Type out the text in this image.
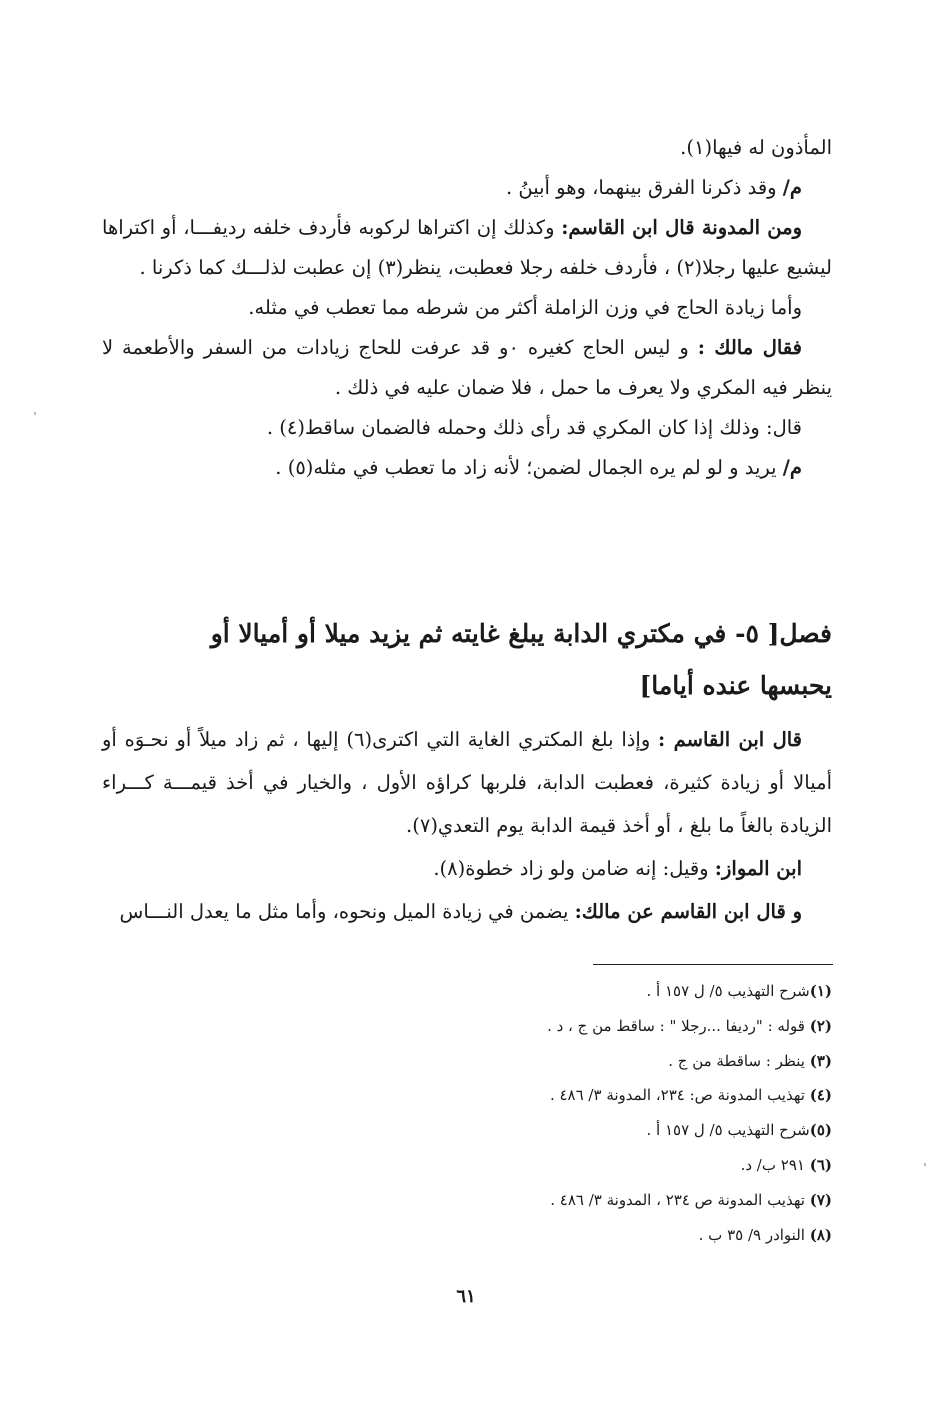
المأذون له فيها(١).

م/ وقد ذكرنا الفرق بينهما، وهو أبينُ .

ومن المدونة قال ابن القاسم: وكذلك إن اكتراها لركوبه فأردف خلفه رديفـــا، أو اكتراها ليشيع عليها رجلا(٢) ، فأردف خلفه رجلا فعطبت، ينظر(٣) إن عطبت لذلـــك كما ذكرنا .

وأما زيادة الحاج في وزن الزاملة أكثر من شرطه مما تعطب في مثله.

فقال مالك : و ليس الحاج كغيره ٠و قد عرفت للحاج زيادات من السفر والأطعمة لا ينظر فيه المكري ولا يعرف ما حمل ، فلا ضمان عليه في ذلك .

قال: وذلك إذا كان المكري قد رأى ذلك وحمله فالضمان ساقط(٤) .

م/ يريد و لو لم يره الجمال لضمن؛ لأنه زاد ما تعطب في مثله(٥) .

فصل[ ٥- في مكتري الدابة يبلغ غايته ثم يزيد ميلا أو أميالا أو
يحبسها عنده أياما]

قال ابن القاسم : وإذا بلغ المكتري الغاية التي اكترى(٦) إليها ، ثم زاد ميلاً أو نحـوَه أو أميالا أو زيادة كثيرة، فعطبت الدابة، فلربها كراؤه الأول ، والخيار في أخذ قيمـــة كـــراء الزيادة بالغاً ما بلغ ، أو أخذ قيمة الدابة يوم التعدي(٧).

ابن المواز: وقيل: إنه ضامن ولو زاد خطوة(٨).

و قال ابن القاسم عن مالك: يضمن في زيادة الميل ونحوه، وأما مثل ما يعدل النـــاس

(١)شرح التهذيب ٥/ ل ١٥٧ أ .
(٢) قوله : "رديفا ...رجلا " : ساقط من ج ، د .
(٣) ينظر : ساقطة من ج .
(٤) تهذيب المدونة ص: ٢٣٤، المدونة ٣/ ٤٨٦ .
(٥)شرح التهذيب ٥/ ل ١٥٧ أ .
(٦) ٢٩١ ب/ د.
(٧) تهذيب المدونة ص ٢٣٤ ، المدونة ٣/ ٤٨٦ .
(٨) النوادر ٩/ ٣٥ ب .
٦١
